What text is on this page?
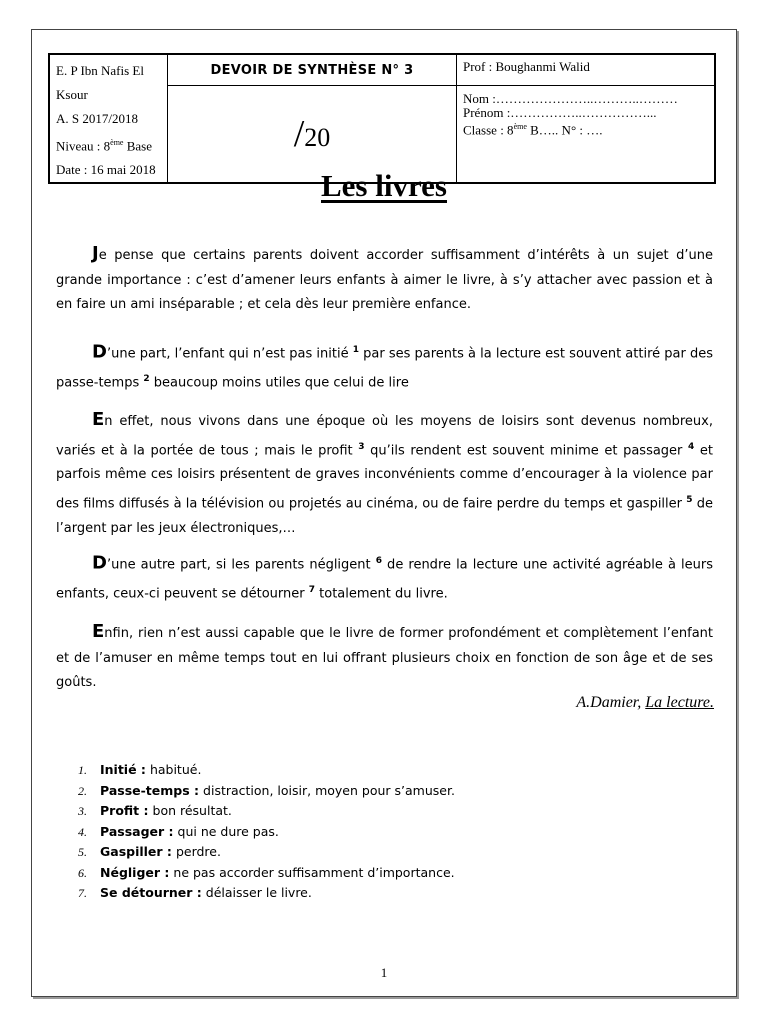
E. P Ibn Nafis El Ksour
A. S 2017/2018
Niveau : 8ème Base
Date : 16 mai 2018	DEVOIR DE SYNTHÈSE N° 3	Prof : Boughanmi Walid
	/20	Nom :…………………..………..………
Prénom :……………..……………...
Classe : 8ème B….. N° : ….
Les livres
Je pense que certains parents doivent accorder suffisamment d’intérêts à un sujet d’une grande importance : c’est d’amener leurs enfants à aimer le livre, à s’y attacher avec passion et à en faire un ami inséparable ; et cela dès leur première enfance.
D’une part, l’enfant qui n’est pas initié $^1$ par ses parents à la lecture est souvent attiré par des passe-temps $^2$ beaucoup moins utiles que celui de lire
En effet, nous vivons dans une époque où les moyens de loisirs sont devenus nombreux, variés et à la portée de tous ; mais le profit $^3$ qu’ils rendent est souvent minime et passager $^4$ et parfois même ces loisirs présentent de graves inconvénients comme d’encourager à la violence par des films diffusés à la télévision ou projetés au cinéma, ou de faire perdre du temps et gaspiller $^5$ de l’argent par les jeux électroniques,…
D’une autre part, si les parents négligent $^6$ de rendre la lecture une activité agréable à leurs enfants, ceux-ci peuvent se détourner $^7$ totalement du livre.
Enfin, rien n’est aussi capable que le livre de former profondément et complètement l’enfant et de l’amuser en même temps tout en lui offrant plusieurs choix en fonction de son âge et de ses goûts.
A.Damier, La lecture.
1.	Initié : habitué.
2.	Passe-temps : distraction, loisir, moyen pour s’amuser.
3.	Profit : bon résultat.
4.	Passager : qui ne dure pas.
5.	Gaspiller : perdre.
6.	Négliger : ne pas accorder suffisamment d’importance.
7.	Se détourner : délaisser le livre.
1
